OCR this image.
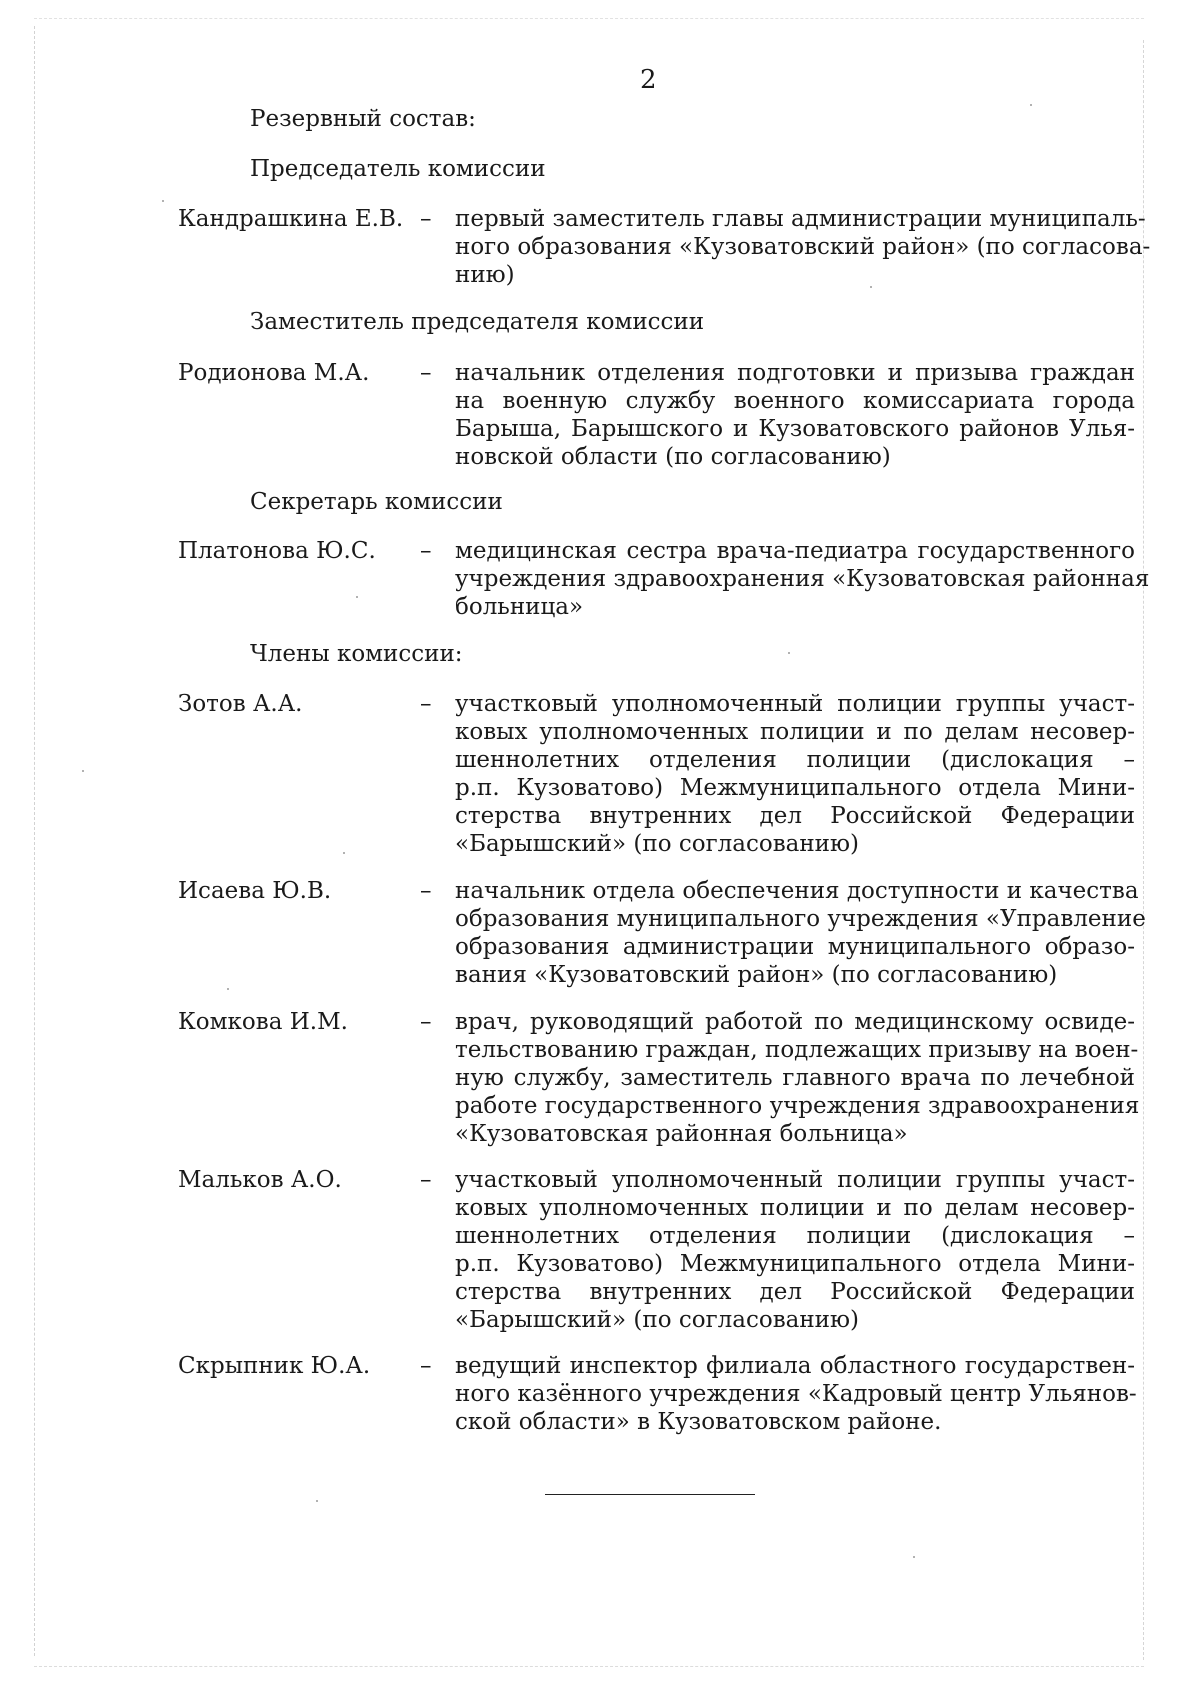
2
Резервный состав:
Председатель комиссии
Кандрашкина Е.В. – первый заместитель главы администрации муниципаль-
ного образования «Кузоватовский район» (по согласова-
нию)
Заместитель председателя комиссии
Родионова М.А. – начальник отделения подготовки и призыва граждан
на военную службу военного комиссариата города
Барыша, Барышского и Кузоватовского районов Улья-
новской области (по согласованию)
Секретарь комиссии
Платонова Ю.С. – медицинская сестра врача-педиатра государственного
учреждения здравоохранения «Кузоватовская районная
больница»
Члены комиссии:
Зотов А.А.	– участковый уполномоченный полиции группы участ-
ковых уполномоченных полиции и по делам несовер-
шеннолетних отделения полиции (дислокация –
р.п. Кузоватово) Межмуниципального отдела Мини-
стерства внутренних дел Российской Федерации
«Барышский» (по согласованию)
Исаева Ю.В.	– начальник отдела обеспечения доступности и качества
образования муниципального учреждения «Управление
образования администрации муниципального образо-
вания «Кузоватовский район» (по согласованию)
Комкова И.М.	– врач, руководящий работой по медицинскому освиде-
тельствованию граждан, подлежащих призыву на воен-
ную службу, заместитель главного врача по лечебной
работе государственного учреждения здравоохранения
«Кузоватовская районная больница»
Мальков А.О.	– участковый уполномоченный полиции группы участ-
ковых уполномоченных полиции и по делам несовер-
шеннолетних отделения полиции (дислокация –
р.п. Кузоватово) Межмуниципального отдела Мини-
стерства внутренних дел Российской Федерации
«Барышский» (по согласованию)
Скрыпник Ю.А. – ведущий инспектор филиала областного государствен-
ного казённого учреждения «Кадровый центр Ульянов-
ской области» в Кузоватовском районе.
